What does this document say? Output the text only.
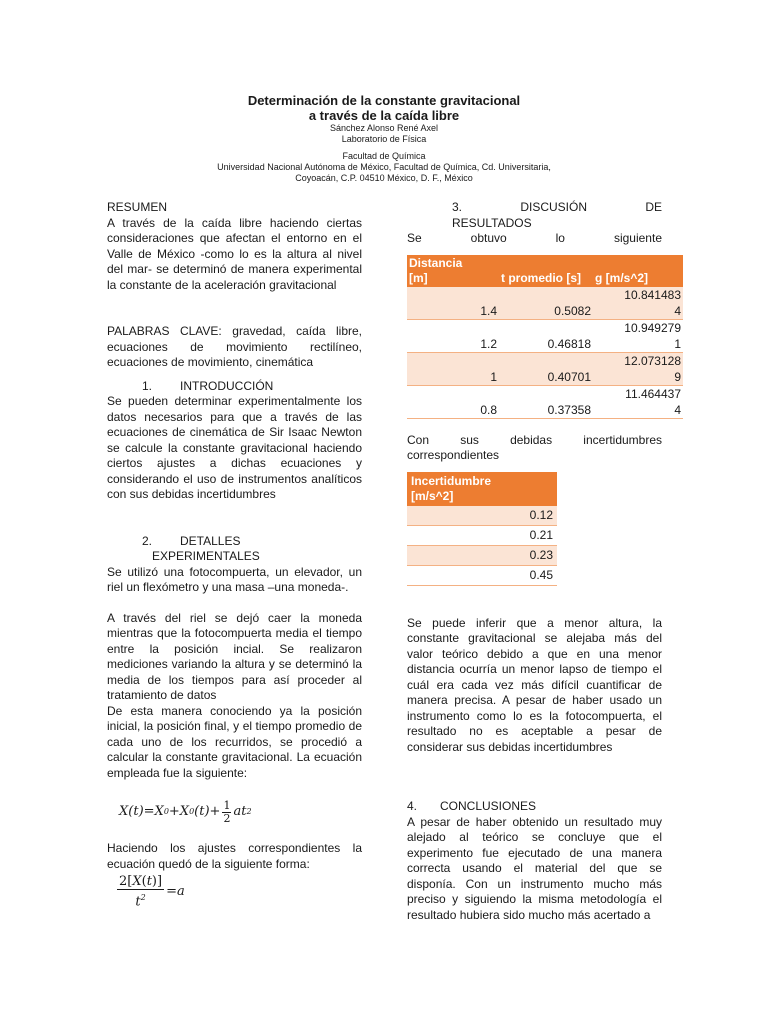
Determinación de la constante gravitacional
a través de la caída libre
Sánchez Alonso René Axel
Laboratorio de Física
Facultad de Química
Universidad Nacional Autónoma de México, Facultad de Química, Cd. Universitaria,
Coyoacán, C.P. 04510 México, D. F., México

RESUMEN

A través de la caída libre haciendo ciertas consideraciones que afectan el entorno en el Valle de México -como lo es la altura al nivel del mar- se determinó de manera experimental la constante de la aceleración gravitacional

PALABRAS CLAVE: gravedad, caída libre, ecuaciones de movimiento rectilíneo, ecuaciones de movimiento, cinemática

1.	INTRODUCCIÓN

Se pueden determinar experimentalmente los datos necesarios para que a través de las ecuaciones de cinemática de Sir Isaac Newton se calcule la constante gravitacional haciendo ciertos ajustes a dichas ecuaciones y considerando el uso de instrumentos analíticos con sus debidas incertidumbres

2.	DETALLES
EXPERIMENTALES

Se utilizó una fotocompuerta, un elevador, un riel un flexómetro y una masa –una moneda-.

A través del riel se dejó caer la moneda mientras que la fotocompuerta media el tiempo entre la posición incial. Se realizaron mediciones variando la altura y se determinó la media de los tiempos para así proceder al tratamiento de datos

De esta manera conociendo ya la posición inicial, la posición final, y el tiempo promedio de cada uno de los recurridos, se procedió a calcular la constante gravitacional. La ecuación empleada fue la siguiente:

X ( t )=X 0 +X 0 ( t )+ 1
2 a t 2

Haciendo los ajustes correspondientes la ecuación quedó de la siguiente forma:

$\frac{2[X(t)]}{t^2} =a$
3.	DISCUSIÓN	DE
RESULTADOS

Se obtuvo lo siguiente

Distancia
[m]	t promedio [s]	g [m/s^2]
1.4	0.5082	10.841483
4

1.2	0.46818	10.949279
1

1	0.40701	12.073128
9

0.8	0.37358	11.464437
4

Con sus debidas incertidumbres correspondientes

Incertidumbre
[m/s^2]

0.12
0.21
0.23
0.45

Se puede inferir que a menor altura, la constante gravitacional se alejaba más del valor teórico debido a que en una menor distancia ocurría un menor lapso de tiempo el cuál era cada vez más difícil cuantificar de manera precisa. A pesar de haber usado un instrumento como lo es la fotocompuerta, el resultado no es aceptable a pesar de considerar sus debidas incertidumbres

4.	CONCLUSIONES

A pesar de haber obtenido un resultado muy alejado al teórico se concluye que el experimento fue ejecutado de una manera correcta usando el material del que se disponía. Con un instrumento mucho más preciso y siguiendo la misma metodología el resultado hubiera sido mucho más acertado a
